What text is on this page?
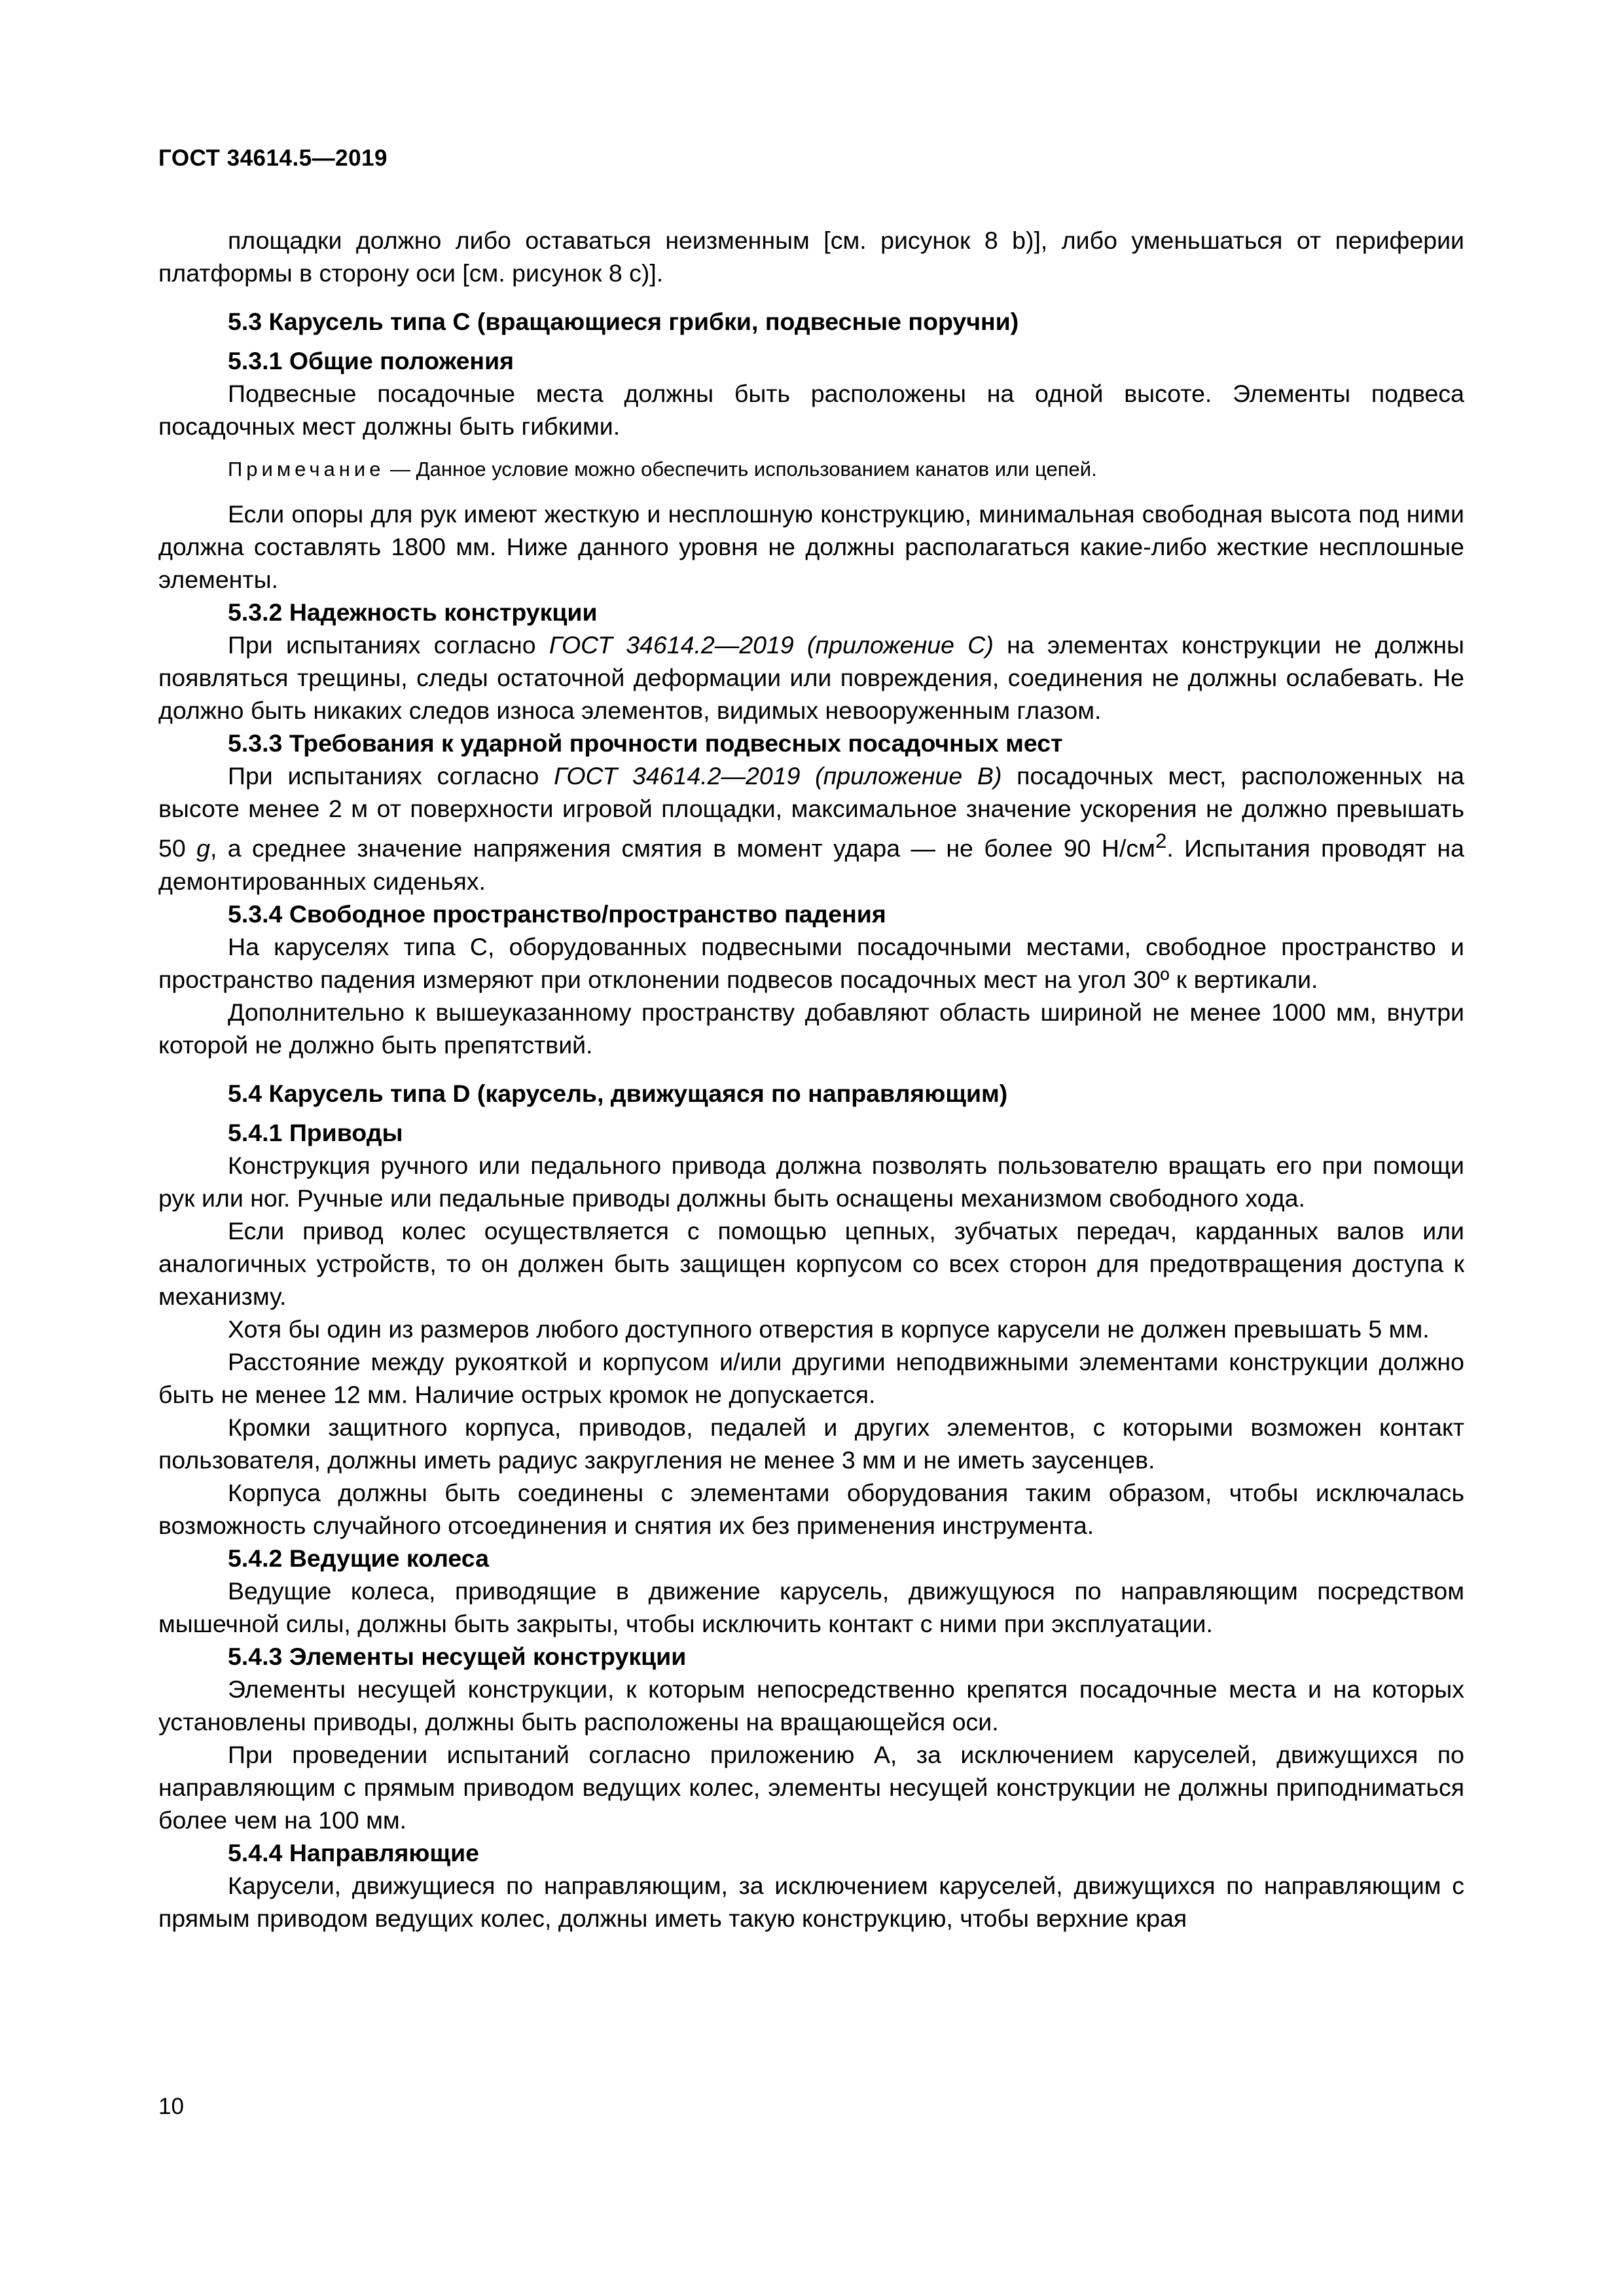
ГОСТ 34614.5—2019

площадки должно либо оставаться неизменным [см. рисунок 8 b)], либо уменьшаться от периферии платформы в сторону оси [см. рисунок 8 c)].

5.3 Карусель типа С (вращающиеся грибки, подвесные поручни)

5.3.1 Общие положения

Подвесные посадочные места должны быть расположены на одной высоте. Элементы подвеса посадочных мест должны быть гибкими.

Примечание — Данное условие можно обеспечить использованием канатов или цепей.

Если опоры для рук имеют жесткую и несплошную конструкцию, минимальная свободная высота под ними должна составлять 1800 мм. Ниже данного уровня не должны располагаться какие-либо жесткие несплошные элементы.

5.3.2 Надежность конструкции

При испытаниях согласно ГОСТ 34614.2—2019 (приложение С) на элементах конструкции не должны появляться трещины, следы остаточной деформации или повреждения, соединения не должны ослабевать. Не должно быть никаких следов износа элементов, видимых невооруженным глазом.

5.3.3 Требования к ударной прочности подвесных посадочных мест

При испытаниях согласно ГОСТ 34614.2—2019 (приложение В) посадочных мест, расположенных на высоте менее 2 м от поверхности игровой площадки, максимальное значение ускорения не должно превышать 50 g, а среднее значение напряжения смятия в момент удара — не более 90 $Н/см^2$. Испытания проводят на демонтированных сиденьях.

5.3.4 Свободное пространство/пространство падения

На каруселях типа С, оборудованных подвесными посадочными местами, свободное пространство и пространство падения измеряют при отклонении подвесов посадочных мест на угол 30º к вертикали.

Дополнительно к вышеуказанному пространству добавляют область шириной не менее 1000 мм, внутри которой не должно быть препятствий.

5.4 Карусель типа D (карусель, движущаяся по направляющим)

5.4.1 Приводы

Конструкция ручного или педального привода должна позволять пользователю вращать его при помощи рук или ног. Ручные или педальные приводы должны быть оснащены механизмом свободного хода.

Если привод колес осуществляется с помощью цепных, зубчатых передач, карданных валов или аналогичных устройств, то он должен быть защищен корпусом со всех сторон для предотвращения доступа к механизму.

Хотя бы один из размеров любого доступного отверстия в корпусе карусели не должен превышать 5 мм.

Расстояние между рукояткой и корпусом и/или другими неподвижными элементами конструкции должно быть не менее 12 мм. Наличие острых кромок не допускается.

Кромки защитного корпуса, приводов, педалей и других элементов, с которыми возможен контакт пользователя, должны иметь радиус закругления не менее 3 мм и не иметь заусенцев.

Корпуса должны быть соединены с элементами оборудования таким образом, чтобы исключалась возможность случайного отсоединения и снятия их без применения инструмента.

5.4.2 Ведущие колеса

Ведущие колеса, приводящие в движение карусель, движущуюся по направляющим посредством мышечной силы, должны быть закрыты, чтобы исключить контакт с ними при эксплуатации.

5.4.3 Элементы несущей конструкции

Элементы несущей конструкции, к которым непосредственно крепятся посадочные места и на которых установлены приводы, должны быть расположены на вращающейся оси.

При проведении испытаний согласно приложению А, за исключением каруселей, движущихся по направляющим с прямым приводом ведущих колес, элементы несущей конструкции не должны приподниматься более чем на 100 мм.

5.4.4 Направляющие

Карусели, движущиеся по направляющим, за исключением каруселей, движущихся по направляющим с прямым приводом ведущих колес, должны иметь такую конструкцию, чтобы верхние края

10
